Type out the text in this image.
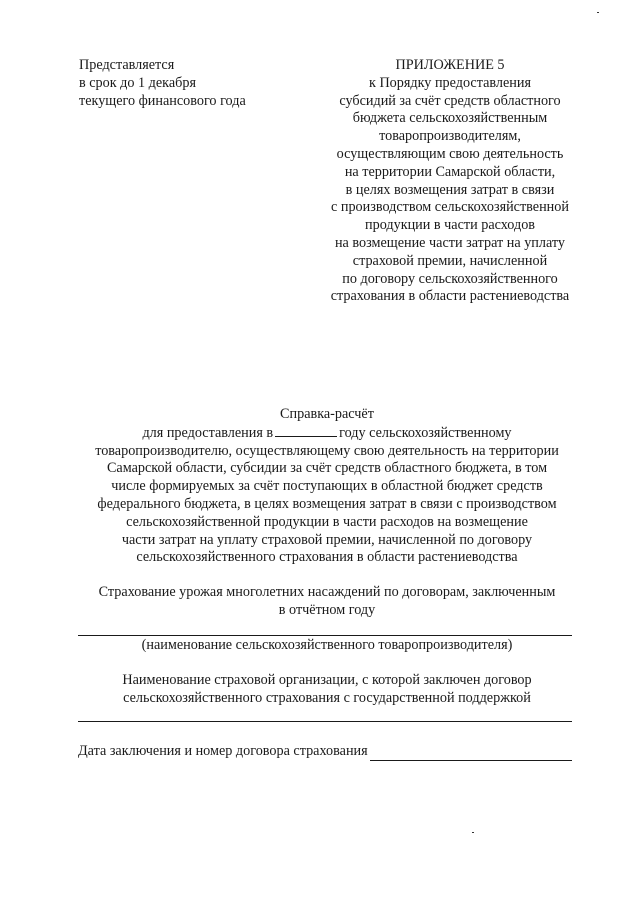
Представляется
в срок до 1 декабря
текущего финансового года
ПРИЛОЖЕНИЕ 5
к Порядку предоставления
субсидий за счёт средств областного
бюджета сельскохозяйственным
товаропроизводителям,
осуществляющим свою деятельность
на территории Самарской области,
в целях возмещения затрат в связи
с производством сельскохозяйственной
продукции в части расходов
на возмещение части затрат на уплату
страховой премии, начисленной
по договору сельскохозяйственного
страхования в области растениеводства
Справка-расчёт
для предоставления в	году сельскохозяйственному
товаропроизводителю, осуществляющему свою деятельность на территории
Самарской области, субсидии за счёт средств областного бюджета, в том
числе формируемых за счёт поступающих в областной бюджет средств
федерального бюджета, в целях возмещения затрат в связи с производством
сельскохозяйственной продукции в части расходов на возмещение
части затрат на уплату страховой премии, начисленной по договору
сельскохозяйственного страхования в области растениеводства
Страхование урожая многолетних насаждений по договорам, заключенным
в отчётном году
(наименование сельскохозяйственного товаропроизводителя)
Наименование страховой организации, с которой заключен договор
сельскохозяйственного страхования с государственной поддержкой
Дата заключения и номер договора страхования
